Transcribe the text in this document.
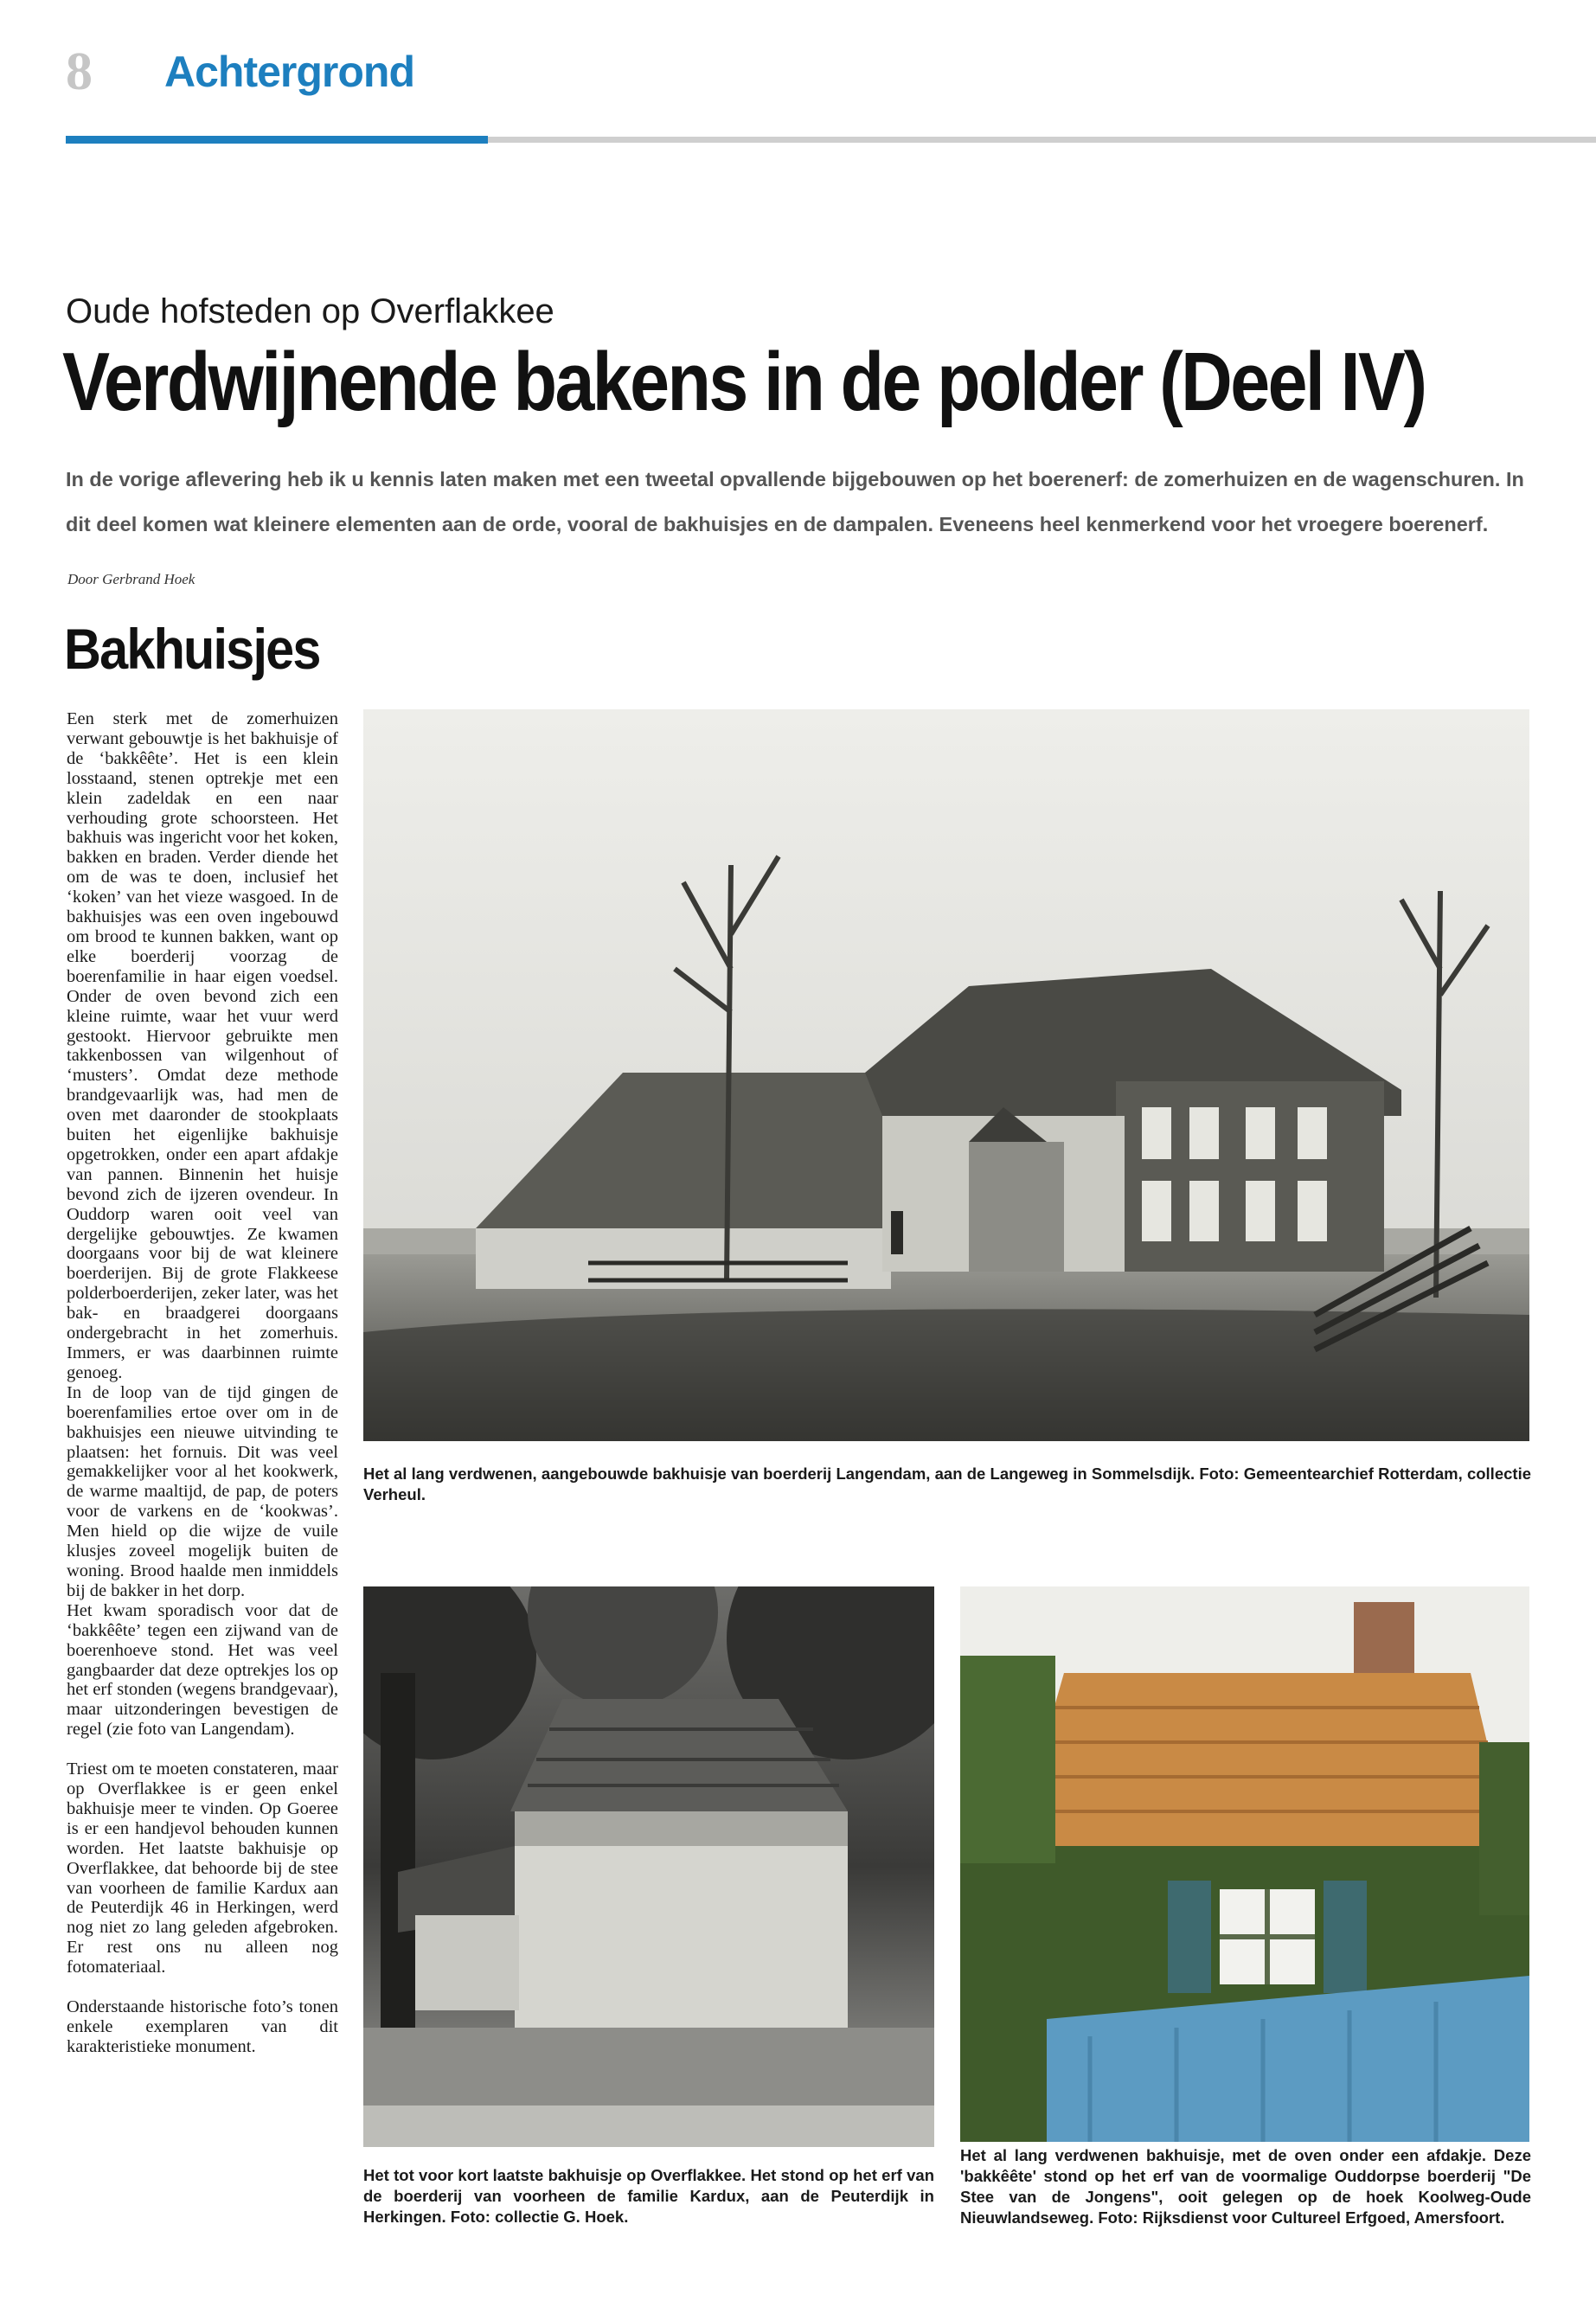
8 Achtergrond
Oude hofsteden op Overflakkee
Verdwijnende bakens in de polder (Deel IV)
In de vorige aflevering heb ik u kennis laten maken met een tweetal opvallende bijgebouwen op het boerenerf: de zomerhuizen en de wagenschuren. In dit deel komen wat kleinere elementen aan de orde, vooral de bakhuisjes en de dampalen. Eveneens heel kenmerkend voor het vroegere boerenerf.
Door Gerbrand Hoek
Bakhuisjes

Een sterk met de zomerhuizen verwant gebouwtje is het bakhuisje of de ‘bakkêête’. Het is een klein losstaand, stenen optrekje met een klein zadeldak en een naar verhouding grote schoorsteen. Het bakhuis was ingericht voor het koken, bakken en braden. Verder diende het om de was te doen, inclusief het ‘koken’ van het vieze wasgoed. In de bakhuisjes was een oven ingebouwd om brood te kunnen bakken, want op elke boerderij voorzag de boerenfamilie in haar eigen voedsel. Onder de oven bevond zich een kleine ruimte, waar het vuur werd gestookt. Hiervoor gebruikte men takkenbossen van wilgenhout of ‘musters’. Omdat deze methode brandgevaarlijk was, had men de oven met daaronder de stookplaats buiten het eigenlijke bakhuisje opgetrokken, onder een apart afdakje van pannen. Binnenin het huisje bevond zich de ijzeren ovendeur. In Ouddorp waren ooit veel van dergelijke gebouwtjes. Ze kwamen doorgaans voor bij de wat kleinere boerderijen. Bij de grote Flakkeese polderboerderijen, zeker later, was het bak- en braadgerei doorgaans ondergebracht in het zomerhuis. Immers, er was daarbinnen ruimte genoeg.

In de loop van de tijd gingen de boerenfamilies ertoe over om in de bakhuisjes een nieuwe uitvinding te plaatsen: het fornuis. Dit was veel gemakkelijker voor al het kookwerk, de warme maaltijd, de pap, de poters voor de varkens en de ‘kookwas’. Men hield op die wijze de vuile klusjes zoveel mogelijk buiten de woning. Brood haalde men inmiddels bij de bakker in het dorp.

Het kwam sporadisch voor dat de ‘bakkêête’ tegen een zijwand van de boerenhoeve stond. Het was veel gangbaarder dat deze optrekjes los op het erf stonden (wegens brandgevaar), maar uitzonderingen bevestigen de regel (zie foto van Langendam).

Triest om te moeten constateren, maar op Overflakkee is er geen enkel bakhuisje meer te vinden. Op Goeree is er een handjevol behouden kunnen worden. Het laatste bakhuisje op Overflakkee, dat behoorde bij de stee van voorheen de familie Kardux aan de Peuterdijk 46 in Herkingen, werd nog niet zo lang geleden afgebroken. Er rest ons nu alleen nog fotomateriaal.

Onderstaande historische foto’s tonen enkele exemplaren van dit karakteristieke monument.

Het al lang verdwenen, aangebouwde bakhuisje van boerderij Langendam, aan de Langeweg in Sommelsdijk. Foto: Gemeentearchief Rotterdam, collectie Verheul.
Het tot voor kort laatste bakhuisje op Overflakkee. Het stond op het erf van de boerderij van voorheen de familie Kardux, aan de Peuterdijk in Herkingen. Foto: collectie G. Hoek.
Het al lang verdwenen bakhuisje, met de oven onder een afdakje. Deze 'bakkêête' stond op het erf van de voormalige Ouddorpse boerderij "De Stee van de Jongens", ooit gelegen op de hoek Koolweg-Oude Nieuwlandseweg. Foto: Rijksdienst voor Cultureel Erfgoed, Amersfoort.
